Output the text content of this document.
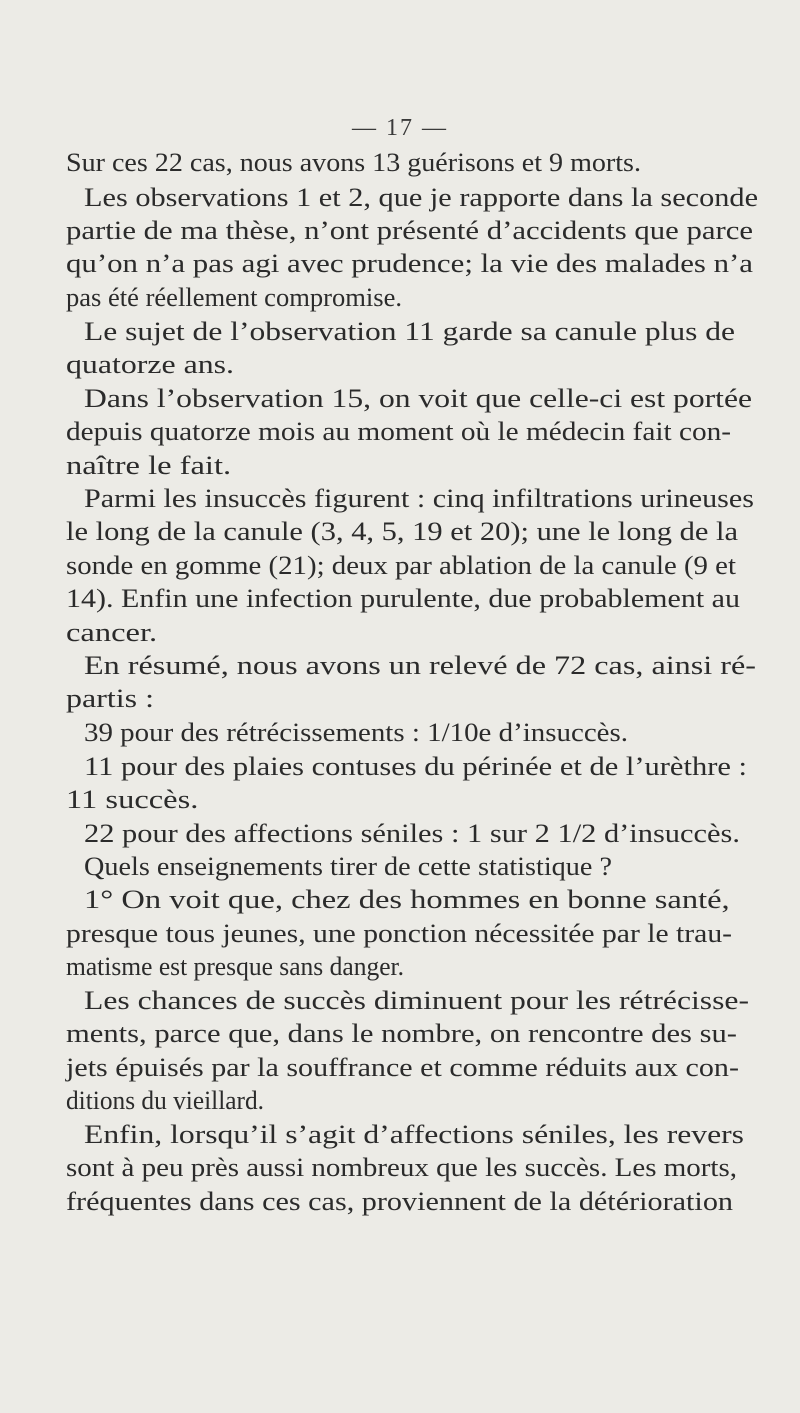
— 17 —
Sur ces 22 cas, nous avons 13 guérisons et 9 morts.
Les observations 1 et 2, que je rapporte dans la seconde
partie de ma thèse, n’ont présenté d’accidents que parce
qu’on n’a pas agi avec prudence; la vie des malades n’a
pas été réellement compromise.
Le sujet de l’observation 11 garde sa canule plus de
quatorze ans.
Dans l’observation 15, on voit que celle-ci est portée
depuis quatorze mois au moment où le médecin fait con-
naître le fait.
Parmi les insuccès figurent : cinq infiltrations urineuses
le long de la canule (3, 4, 5, 19 et 20); une le long de la
sonde en gomme (21); deux par ablation de la canule (9 et
14). Enfin une infection purulente, due probablement au
cancer.
En résumé, nous avons un relevé de 72 cas, ainsi ré-
partis :
39 pour des rétrécissements : 1/10e d’insuccès.
11 pour des plaies contuses du périnée et de l’urèthre :
11 succès.
22 pour des affections séniles : 1 sur 2 1/2 d’insuccès.
Quels enseignements tirer de cette statistique ?
1° On voit que, chez des hommes en bonne santé,
presque tous jeunes, une ponction nécessitée par le trau-
matisme est presque sans danger.
Les chances de succès diminuent pour les rétrécisse-
ments, parce que, dans le nombre, on rencontre des su-
jets épuisés par la souffrance et comme réduits aux con-
ditions du vieillard.
Enfin, lorsqu’il s’agit d’affections séniles, les revers
sont à peu près aussi nombreux que les succès. Les morts,
fréquentes dans ces cas, proviennent de la détérioration
